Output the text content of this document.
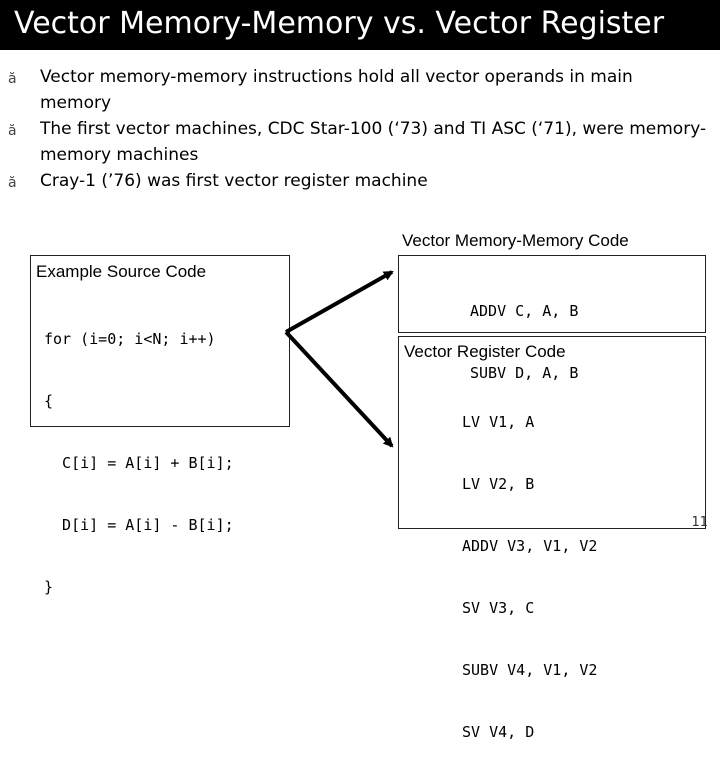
Vector Memory-Memory vs. Vector Register
ă	Vector memory-memory instructions hold all vector operands in main memory
ă	The first vector machines, CDC Star-100 (‘73) and TI ASC (‘71), were memory-memory machines
ă	Cray-1 (’76) was first vector register machine
Vector Memory-Memory Code
Example Source Code
Vector Register Code

for (i=0; i<N; i++)

{

C[i] = A[i] + B[i];

D[i] = A[i] - B[i];

}

ADDV C, A, B

SUBV D, A, B

LV V1, A

LV V2, B

ADDV V3, V1, V2

SV V3, C

SUBV V4, V1, V2

SV V4, D

11
